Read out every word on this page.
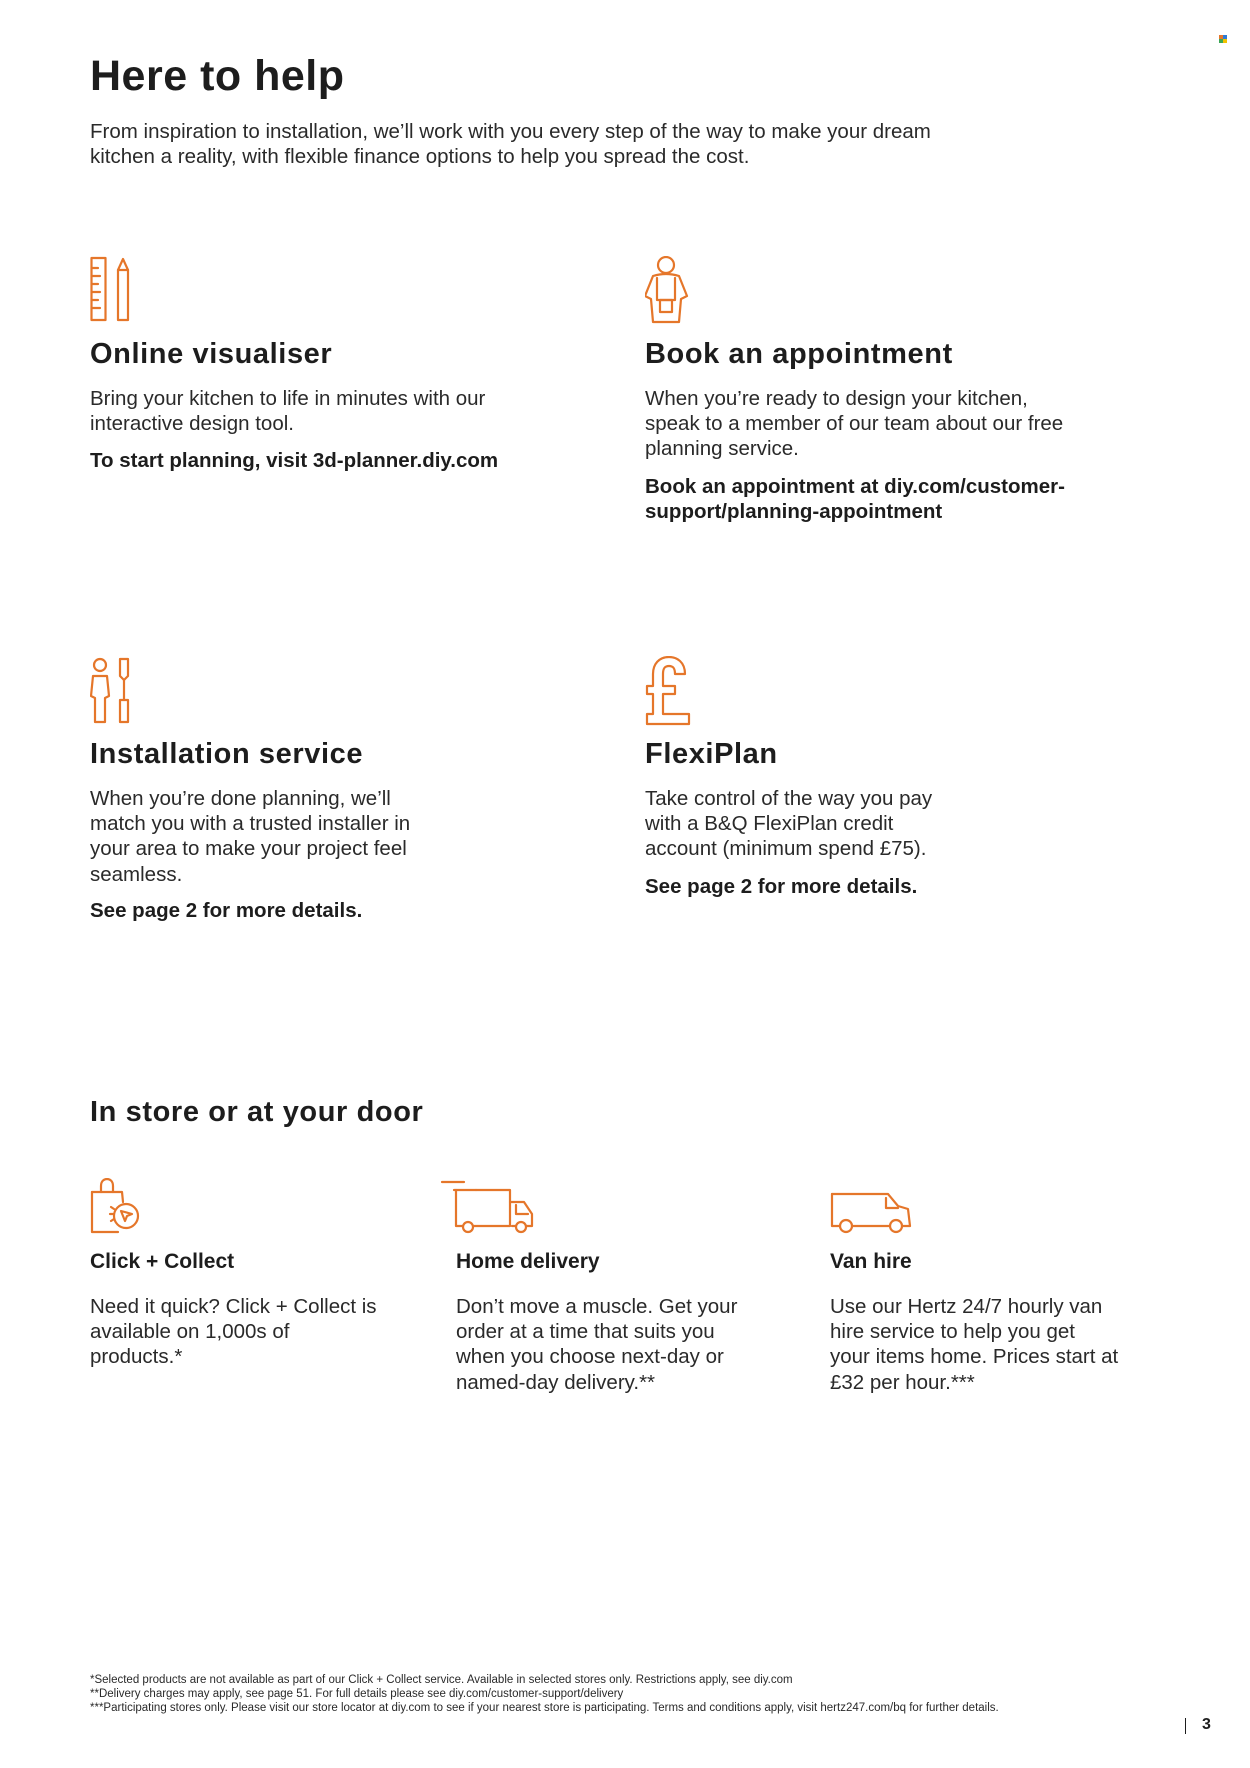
Here to help

From inspiration to installation, we’ll work with you every step of the way to make your dream kitchen a reality, with flexible finance options to help you spread the cost.

Online visualiser

Bring your kitchen to life in minutes with our interactive design tool.

To start planning, visit 3d-planner.diy.com

Book an appointment

When you’re ready to design your kitchen, speak to a member of our team about our free planning service.

Book an appointment at diy.com/customer-support/planning-appointment

Installation service

When you’re done planning, we’ll match you with a trusted installer in your area to make your project feel seamless.

See page 2 for more details.

FlexiPlan

Take control of the way you pay with a B&Q FlexiPlan credit account (minimum spend £75).

See page 2 for more details.

In store or at your door
Click + Collect

Need it quick? Click + Collect is available on 1,000s of products.*

Home delivery

Don’t move a muscle. Get your order at a time that suits you when you choose next-day or named-day delivery.**

Van hire

Use our Hertz 24/7 hourly van hire service to help you get your items home. Prices start at £32 per hour.***

*Selected products are not available as part of our Click + Collect service. Available in selected stores only. Restrictions apply, see diy.com
**Delivery charges may apply, see page 51. For full details please see diy.com/customer-support/delivery
***Participating stores only. Please visit our store locator at diy.com to see if your nearest store is participating. Terms and conditions apply, visit hertz247.com/bq for further details.
3
